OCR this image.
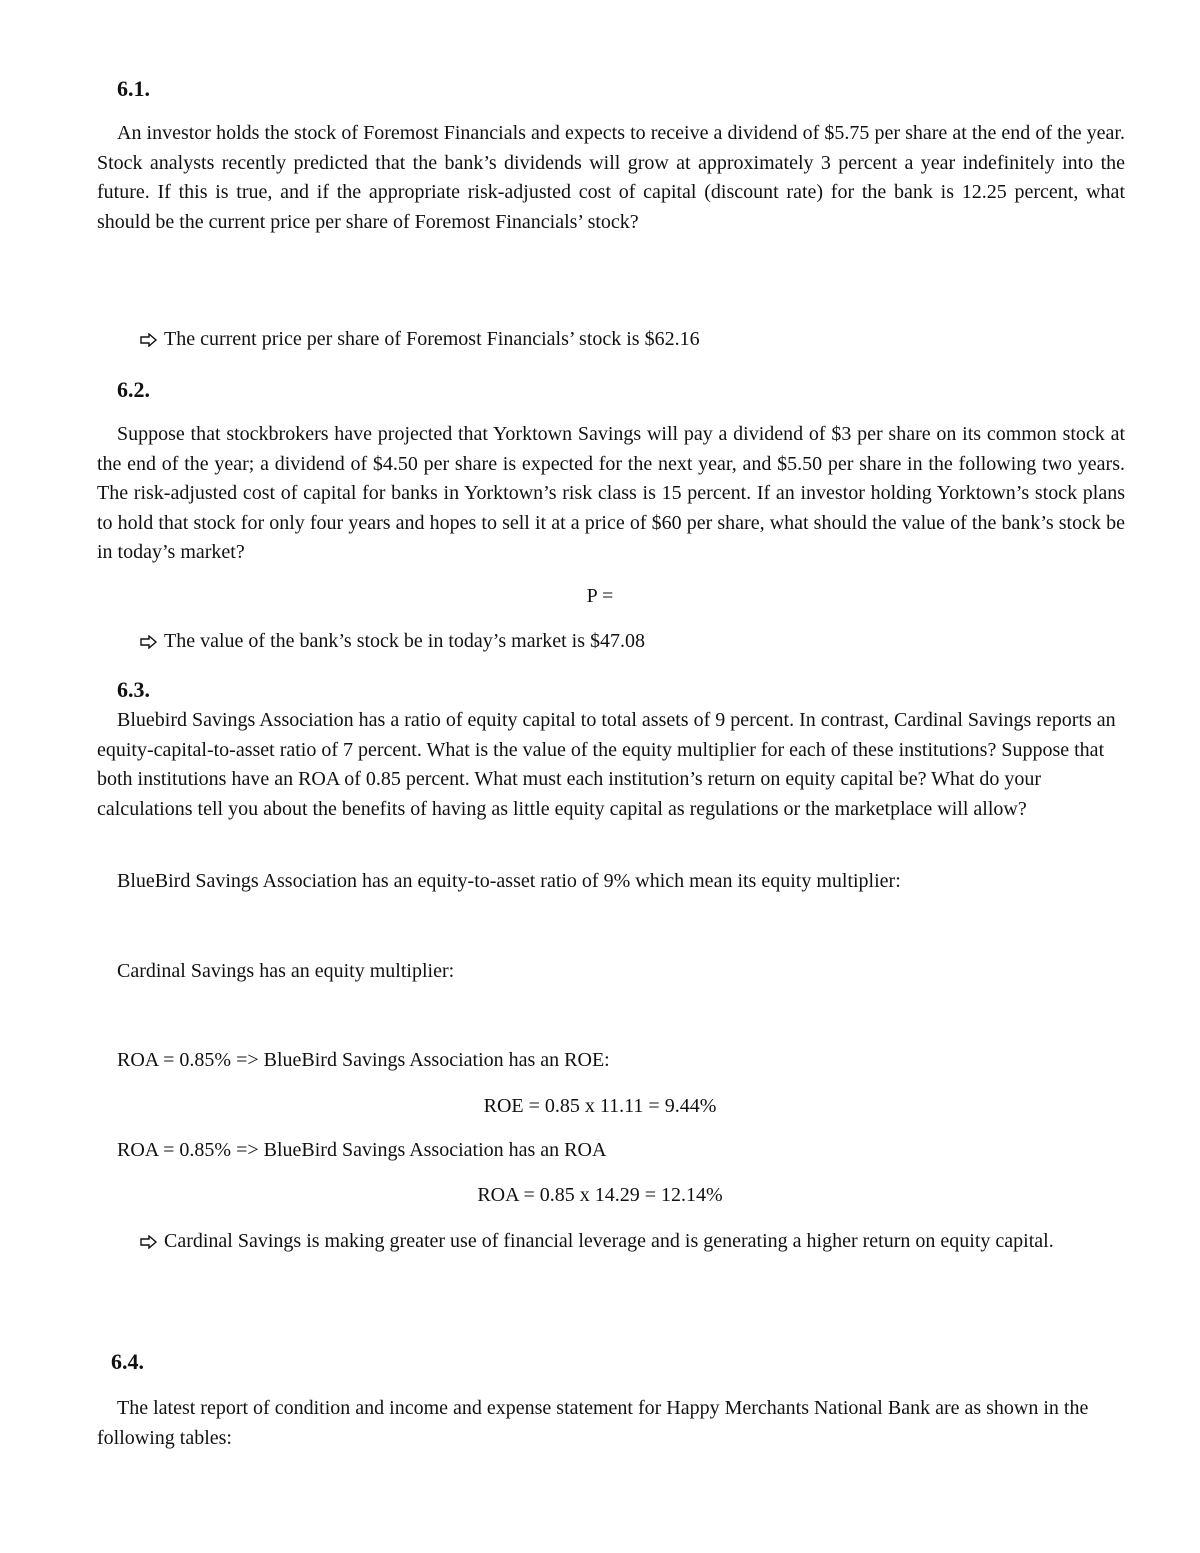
6.1.

An investor holds the stock of Foremost Financials and expects to receive a dividend of $5.75 per share at the end of the year. Stock analysts recently predicted that the bank’s dividends will grow at approximately 3 percent a year indefinitely into the future. If this is true, and if the appropriate risk-adjusted cost of capital (discount rate) for the bank is 12.25 percent, what should be the current price per share of Foremost Financials’ stock?

The current price per share of Foremost Financials’ stock is $62.16
6.2.

Suppose that stockbrokers have projected that Yorktown Savings will pay a dividend of $3 per share on its common stock at the end of the year; a dividend of $4.50 per share is expected for the next year, and $5.50 per share in the following two years. The risk-adjusted cost of capital for banks in Yorktown’s risk class is 15 percent. If an investor holding Yorktown’s stock plans to hold that stock for only four years and hopes to sell it at a price of $60 per share, what should the value of the bank’s stock be in today’s market?

P =

The value of the bank’s stock be in today’s market is $47.08
6.3.

Bluebird Savings Association has a ratio of equity capital to total assets of 9 percent. In contrast, Cardinal Savings reports an equity-capital-to-asset ratio of 7 percent. What is the value of the equity multiplier for each of these institutions? Suppose that both institutions have an ROA of 0.85 percent. What must each institution’s return on equity capital be? What do your calculations tell you about the benefits of having as little equity capital as regulations or the marketplace will allow?

BlueBird Savings Association has an equity-to-asset ratio of 9% which mean its equity multiplier:

Cardinal Savings has an equity multiplier:

ROA = 0.85% => BlueBird Savings Association has an ROE:

ROE = 0.85 x 11.11 = 9.44%

ROA = 0.85% => BlueBird Savings Association has an ROA

ROA = 0.85 x 14.29 = 12.14%

Cardinal Savings is making greater use of financial leverage and is generating a higher return on equity capital.
6.4.

The latest report of condition and income and expense statement for Happy Merchants National Bank are as shown in the following tables:
